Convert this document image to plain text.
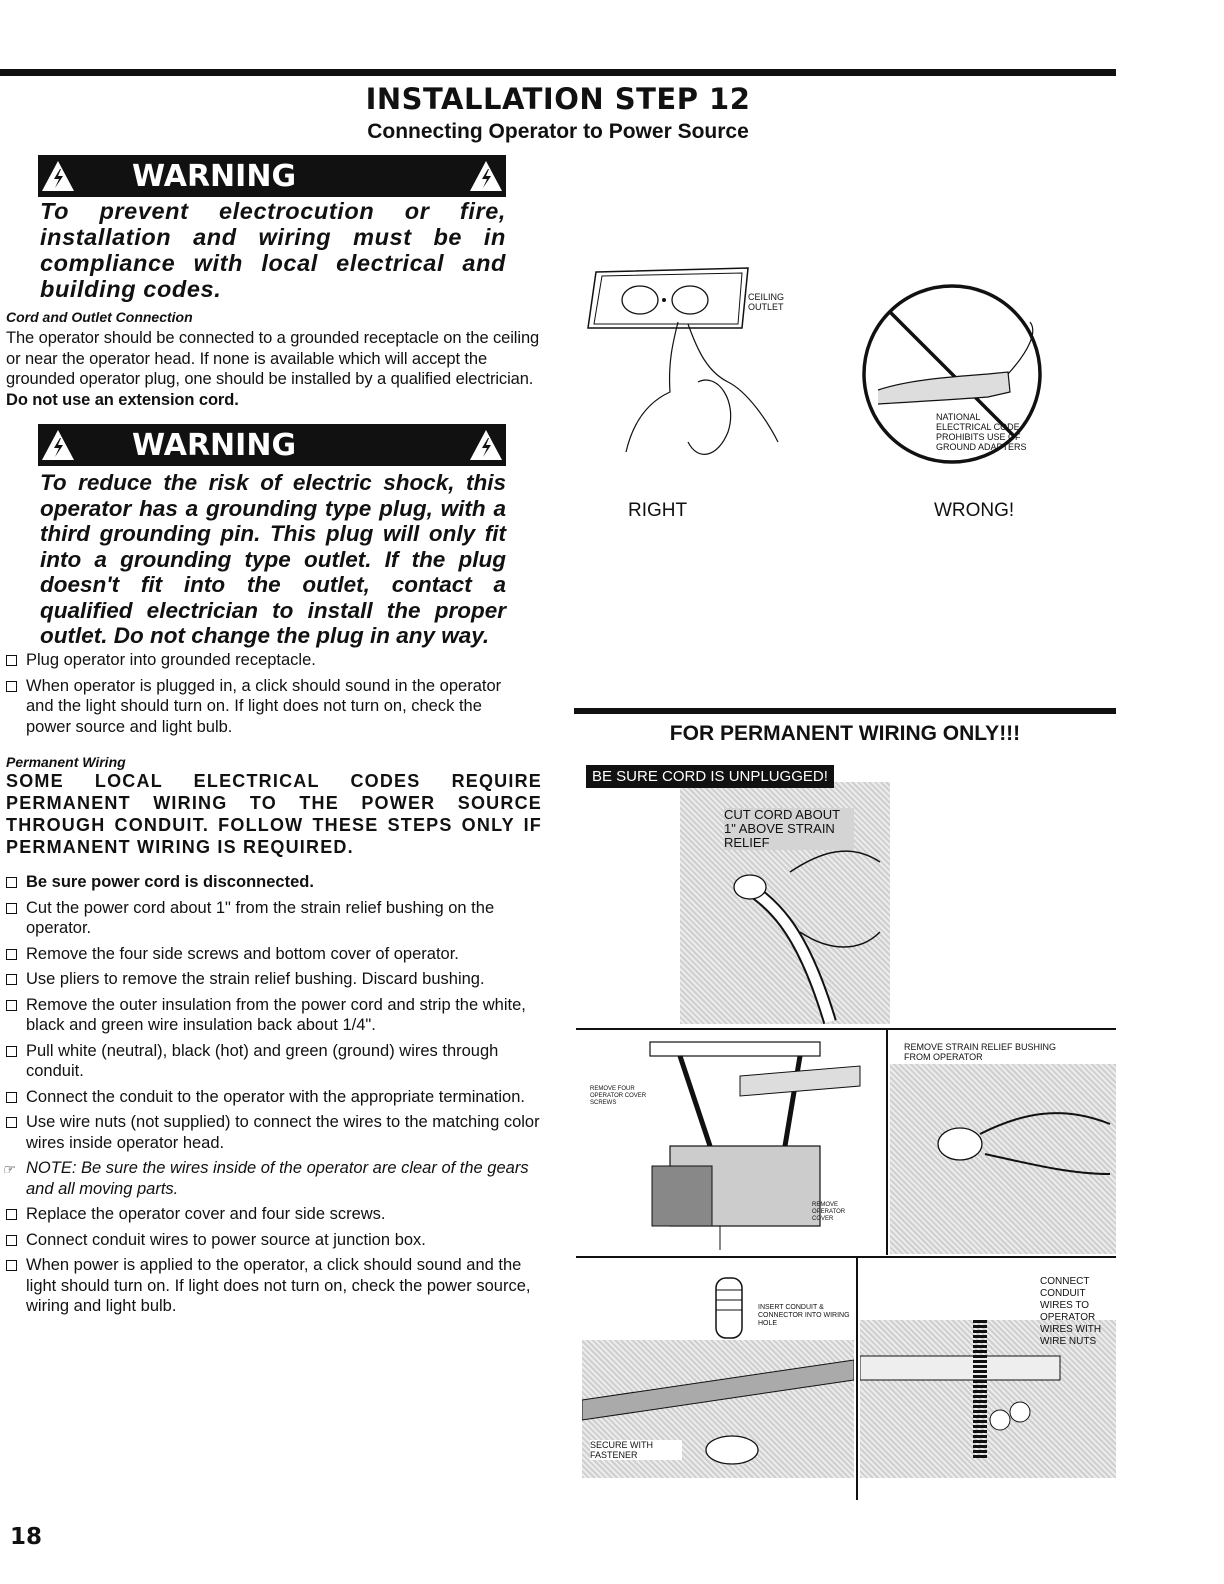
INSTALLATION STEP 12
Connecting Operator to Power Source
WARNING
To prevent electrocution or fire, installation and wiring must be in compliance with local electrical and building codes.
Cord and Outlet Connection
The operator should be connected to a grounded receptacle on the ceiling or near the operator head. If none is available which will accept the grounded operator plug, one should be installed by a qualified electrician. Do not use an extension cord.
WARNING
To reduce the risk of electric shock, this operator has a grounding type plug, with a third grounding pin. This plug will only fit into a grounding type outlet. If the plug doesn't fit into the outlet, contact a qualified electrician to install the proper outlet. Do not change the plug in any way.
Plug operator into grounded receptacle.
When operator is plugged in, a click should sound in the operator and the light should turn on. If light does not turn on, check the power source and light bulb.
Permanent Wiring
SOME LOCAL ELECTRICAL CODES REQUIRE PERMANENT WIRING TO THE POWER SOURCE THROUGH CONDUIT. FOLLOW THESE STEPS ONLY IF PERMANENT WIRING IS REQUIRED.
Be sure power cord is disconnected.
Cut the power cord about 1" from the strain relief bushing on the operator.
Remove the four side screws and bottom cover of operator.
Use pliers to remove the strain relief bushing. Discard bushing.
Remove the outer insulation from the power cord and strip the white, black and green wire insulation back about 1/4".
Pull white (neutral), black (hot) and green (ground) wires through conduit.
Connect the conduit to the operator with the appropriate termination.
Use wire nuts (not supplied) to connect the wires to the matching color wires inside operator head.
☞ NOTE: Be sure the wires inside of the operator are clear of the gears and all moving parts.
Replace the operator cover and four side screws.
Connect conduit wires to power source at junction box.
When power is applied to the operator, a click should sound and the light should turn on. If light does not turn on, check the power source, wiring and light bulb.
CEILING OUTLET
RIGHT
NATIONAL ELECTRICAL CODE PROHIBITS USE OF GROUND ADAPTERS
WRONG!
FOR PERMANENT WIRING ONLY!!!
BE SURE CORD IS UNPLUGGED!
CUT CORD ABOUT 1" ABOVE STRAIN RELIEF
REMOVE FOUR OPERATOR COVER SCREWS
REMOVE OPERATOR COVER
REMOVE STRAIN RELIEF BUSHING FROM OPERATOR
INSERT CONDUIT & CONNECTOR INTO WIRING HOLE
SECURE WITH FASTENER
CONNECT CONDUIT WIRES TO OPERATOR WIRES WITH WIRE NUTS
18
